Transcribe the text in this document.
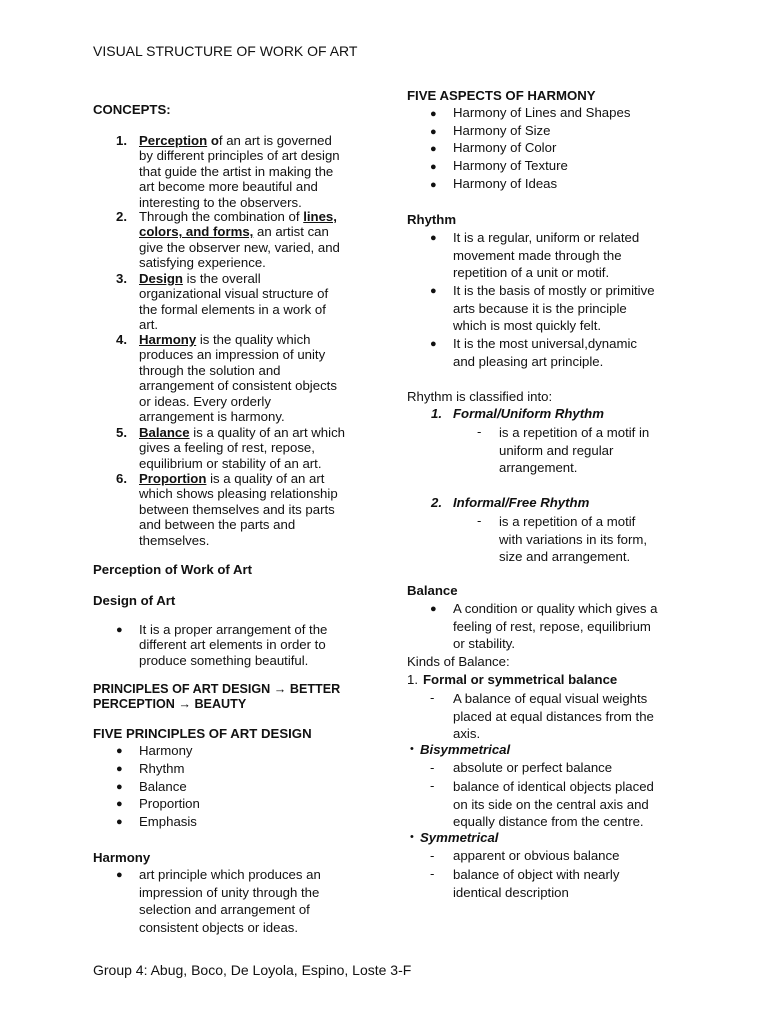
VISUAL STRUCTURE OF WORK OF ART
CONCEPTS:
1. Perception of an art is governed
by different principles of art design
that guide the artist in making the
art become more beautiful and
interesting to the observers.
2. Through the combination of lines,
colors, and forms, an artist can
give the observer new, varied, and
satisfying experience.
3. Design is the overall
organizational visual structure of
the formal elements in a work of
art.
4. Harmony is the quality which
produces an impression of unity
through the solution and
arrangement of consistent objects
or ideas. Every orderly
arrangement is harmony.
5. Balance is a quality of an art which
gives a feeling of rest, repose,
equilibrium or stability of an art.
6. Proportion is a quality of an art
which shows pleasing relationship
between themselves and its parts
and between the parts and
themselves.
Perception of Work of Art
Design of Art
● It is a proper arrangement of the
different art elements in order to
produce something beautiful.
PRINCIPLES OF ART DESIGN → BETTER
PERCEPTION → BEAUTY
FIVE PRINCIPLES OF ART DESIGN
● Harmony
● Rhythm
● Balance
● Proportion
● Emphasis
Harmony
● art principle which produces an
impression of unity through the
selection and arrangement of
consistent objects or ideas.
FIVE ASPECTS OF HARMONY
● Harmony of Lines and Shapes
● Harmony of Size
● Harmony of Color
● Harmony of Texture
● Harmony of Ideas
Rhythm
● It is a regular, uniform or related
movement made through the
repetition of a unit or motif.
● It is the basis of mostly or primitive
arts because it is the principle
which is most quickly felt.
● It is the most universal,dynamic
and pleasing art principle.
Rhythm is classified into:
1. Formal/Uniform Rhythm
- is a repetition of a motif in
uniform and regular
arrangement.
2. Informal/Free Rhythm
- is a repetition of a motif
with variations in its form,
size and arrangement.
Balance
● A condition or quality which gives a
feeling of rest, repose, equilibrium
or stability.
Kinds of Balance:
1. Formal or symmetrical balance
- A balance of equal visual weights
placed at equal distances from the
axis.
• Bisymmetrical
- absolute or perfect balance
- balance of identical objects placed
on its side on the central axis and
equally distance from the centre.
• Symmetrical
- apparent or obvious balance
- balance of object with nearly
identical description
Group 4: Abug, Boco, De Loyola, Espino, Loste 3-F
